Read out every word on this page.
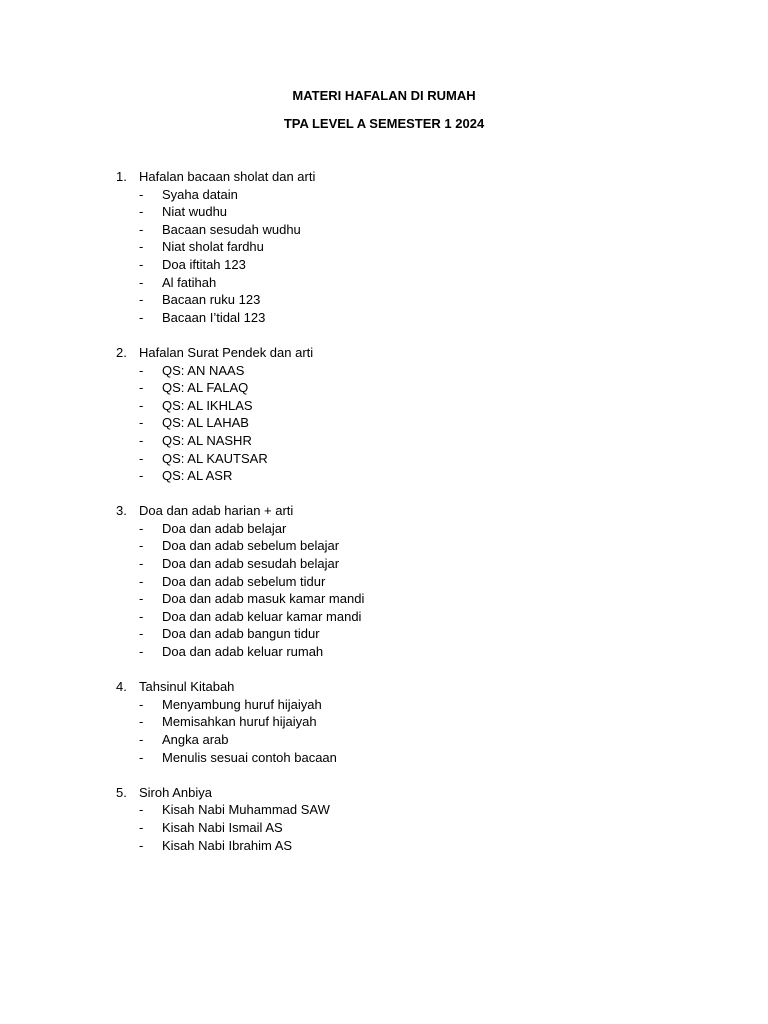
MATERI HAFALAN DI RUMAH
TPA LEVEL A SEMESTER 1 2024
1. Hafalan bacaan sholat dan arti
- Syaha datain
- Niat wudhu
- Bacaan sesudah wudhu
- Niat sholat fardhu
- Doa iftitah 123
- Al fatihah
- Bacaan ruku 123
- Bacaan I’tidal 123
2. Hafalan Surat Pendek dan arti
- QS: AN NAAS
- QS: AL FALAQ
- QS: AL IKHLAS
- QS: AL LAHAB
- QS: AL NASHR
- QS: AL KAUTSAR
- QS: AL ASR
3. Doa dan adab harian + arti
- Doa dan adab belajar
- Doa dan adab sebelum belajar
- Doa dan adab sesudah belajar
- Doa dan adab sebelum tidur
- Doa dan adab masuk kamar mandi
- Doa dan adab keluar kamar mandi
- Doa dan adab bangun tidur
- Doa dan adab keluar rumah
4. Tahsinul Kitabah
- Menyambung huruf hijaiyah
- Memisahkan huruf hijaiyah
- Angka arab
- Menulis sesuai contoh bacaan
5. Siroh Anbiya
- Kisah Nabi Muhammad SAW
- Kisah Nabi Ismail AS
- Kisah Nabi Ibrahim AS
